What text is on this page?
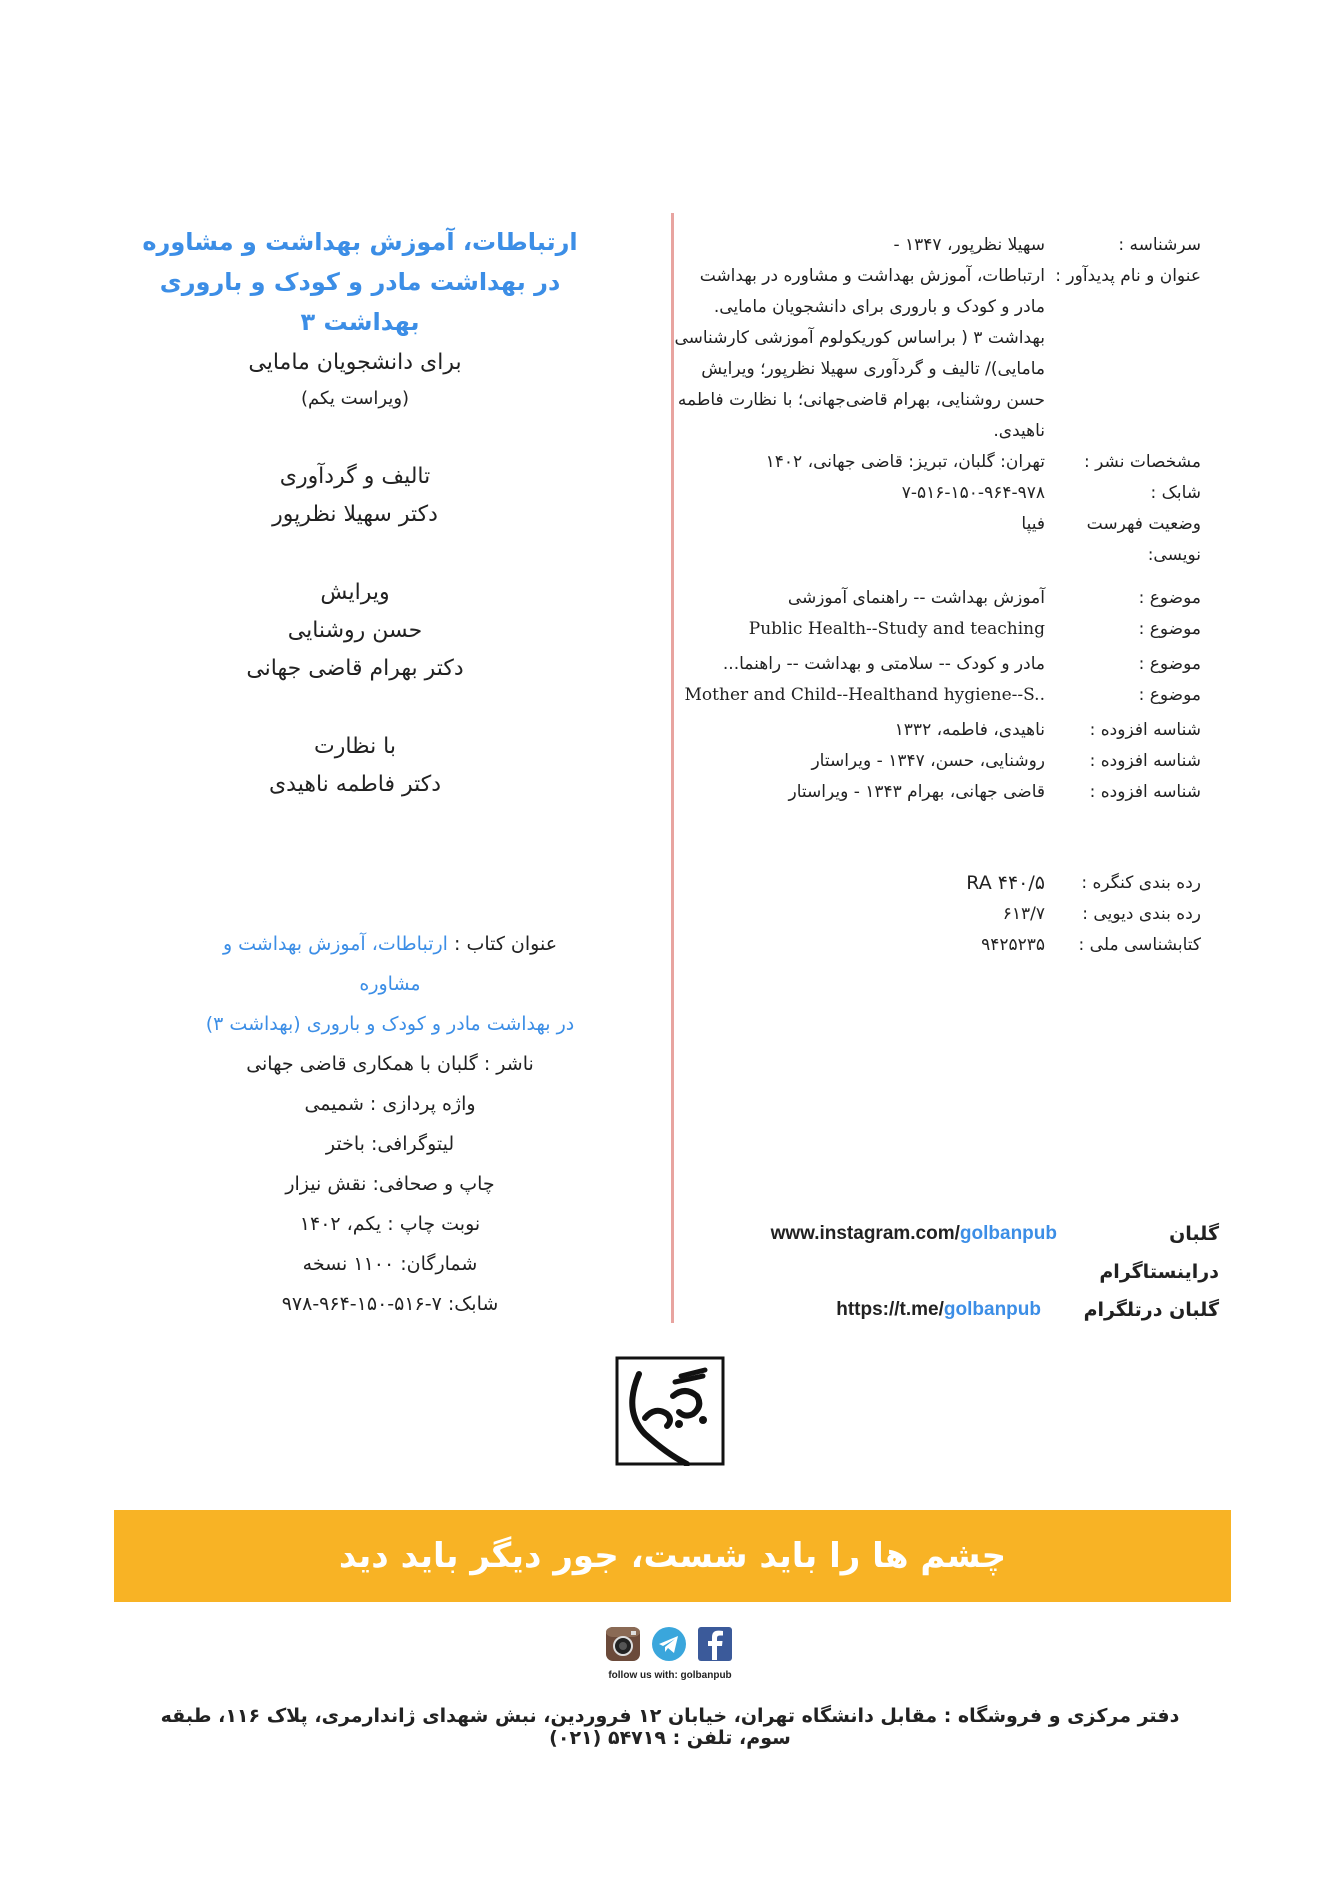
ارتباطات، آموزش بهداشت و مشاوره
در بهداشت مادر و کودک و باروری
بهداشت ۳
برای دانشجویان مامایی
(ویراست یکم)
تالیف و گردآوری
دکتر سهیلا نظرپور
ویرایش
حسن روشنایی
دکتر بهرام قاضی جهانی
با نظارت
دکتر فاطمه ناهیدی
عنوان کتاب : ارتباطات، آموزش بهداشت و مشاوره
در بهداشت مادر و کودک و باروری (بهداشت ۳)
ناشر : گلبان با همکاری قاضی جهانی
واژه پردازی : شمیمی
لیتوگرافی: باختر
چاپ و صحافی: نقش نیزار
نوبت چاپ : یکم، ۱۴۰۲
شمارگان: ۱۱۰۰ نسخه
شابک: ۷-۵۱۶-۱۵۰-۹۶۴-۹۷۸
سرشناسه :
سهیلا نظرپور، ۱۳۴۷ -
عنوان و نام پدیدآور :
ارتباطات، آموزش بهداشت و مشاوره در بهداشت
مادر و کودک و باروری برای دانشجویان مامایی.
بهداشت ۳ ( براساس کوریکولوم آموزشی کارشناسی
مامایی)/ تالیف و گردآوری سهیلا نظرپور؛ ویرایش
حسن روشنایی، بهرام قاضی‌جهانی؛ با نظارت فاطمه
ناهیدی.
مشخصات نشر :
تهران: گلبان، تبریز: قاضی جهانی، ۱۴۰۲
شابک :
۷-۵۱۶-۱۵۰-۹۶۴-۹۷۸
وضعیت فهرست نویسی:
فیپا
موضوع :
آموزش بهداشت -- راهنمای آموزشی
موضوع :
Public Health--Study and teaching
موضوع :
مادر و کودک -- سلامتی و بهداشت -- راهنما...
موضوع :
Mother and Child--Healthand hygiene--S..
شناسه افزوده :
ناهیدی، فاطمه، ۱۳۳۲
شناسه افزوده :
روشنایی، حسن، ۱۳۴۷ - ویراستار
شناسه افزوده :
قاضی جهانی، بهرام ۱۳۴۳ - ویراستار
رده بندی کنگره :
RA ۴۴۰/۵
رده بندی دیویی :
۶۱۳/۷
کتابشناسی ملی :
۹۴۲۵۲۳۵
گلبان دراینستاگرام
www.instagram.com/golbanpub
گلبان درتلگرام
https://t.me/golbanpub
چشم ها را باید شست، جور دیگر باید دید
follow us with: golbanpub
دفتر مرکزی و فروشگاه : مقابل دانشگاه تهران، خیابان ۱۲ فروردین، نبش شهدای ژاندارمری، پلاک ۱۱۶، طبقه سوم، تلفن : ۵۴۷۱۹ (۰۲۱)
